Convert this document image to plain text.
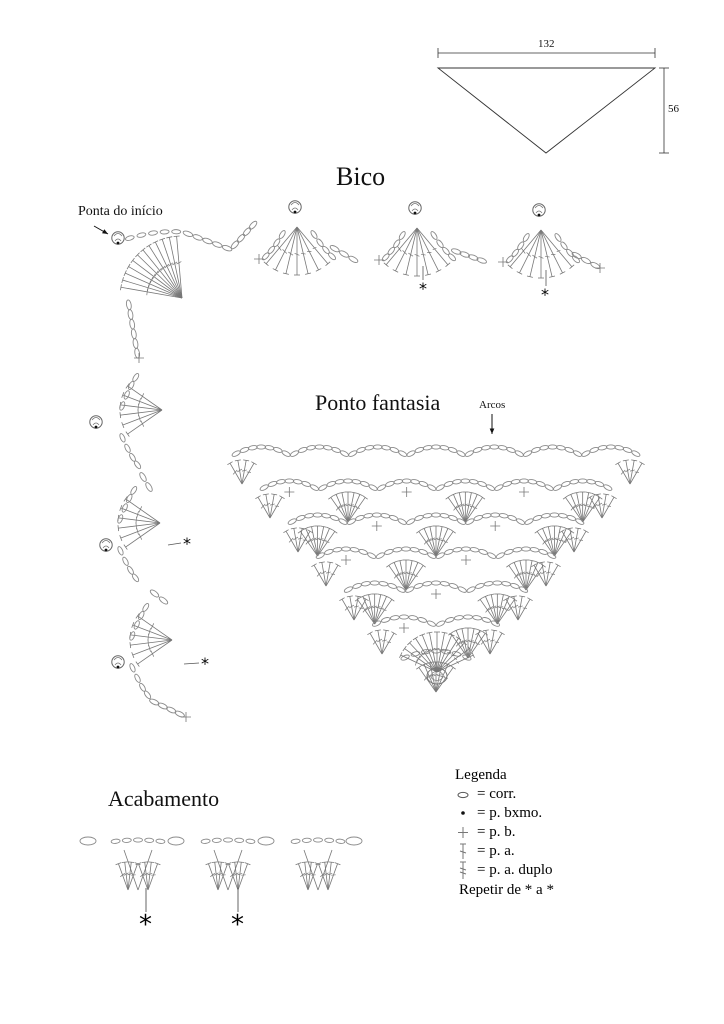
132
56
Bico
Ponta do início
Ponto fantasia	Arcos
Acabamento
*	*
*
*
*	*
Legenda
= corr.
= p. bxmo.
= p. b.
= p. a.
= p. a. duplo
Repetir de * a *
